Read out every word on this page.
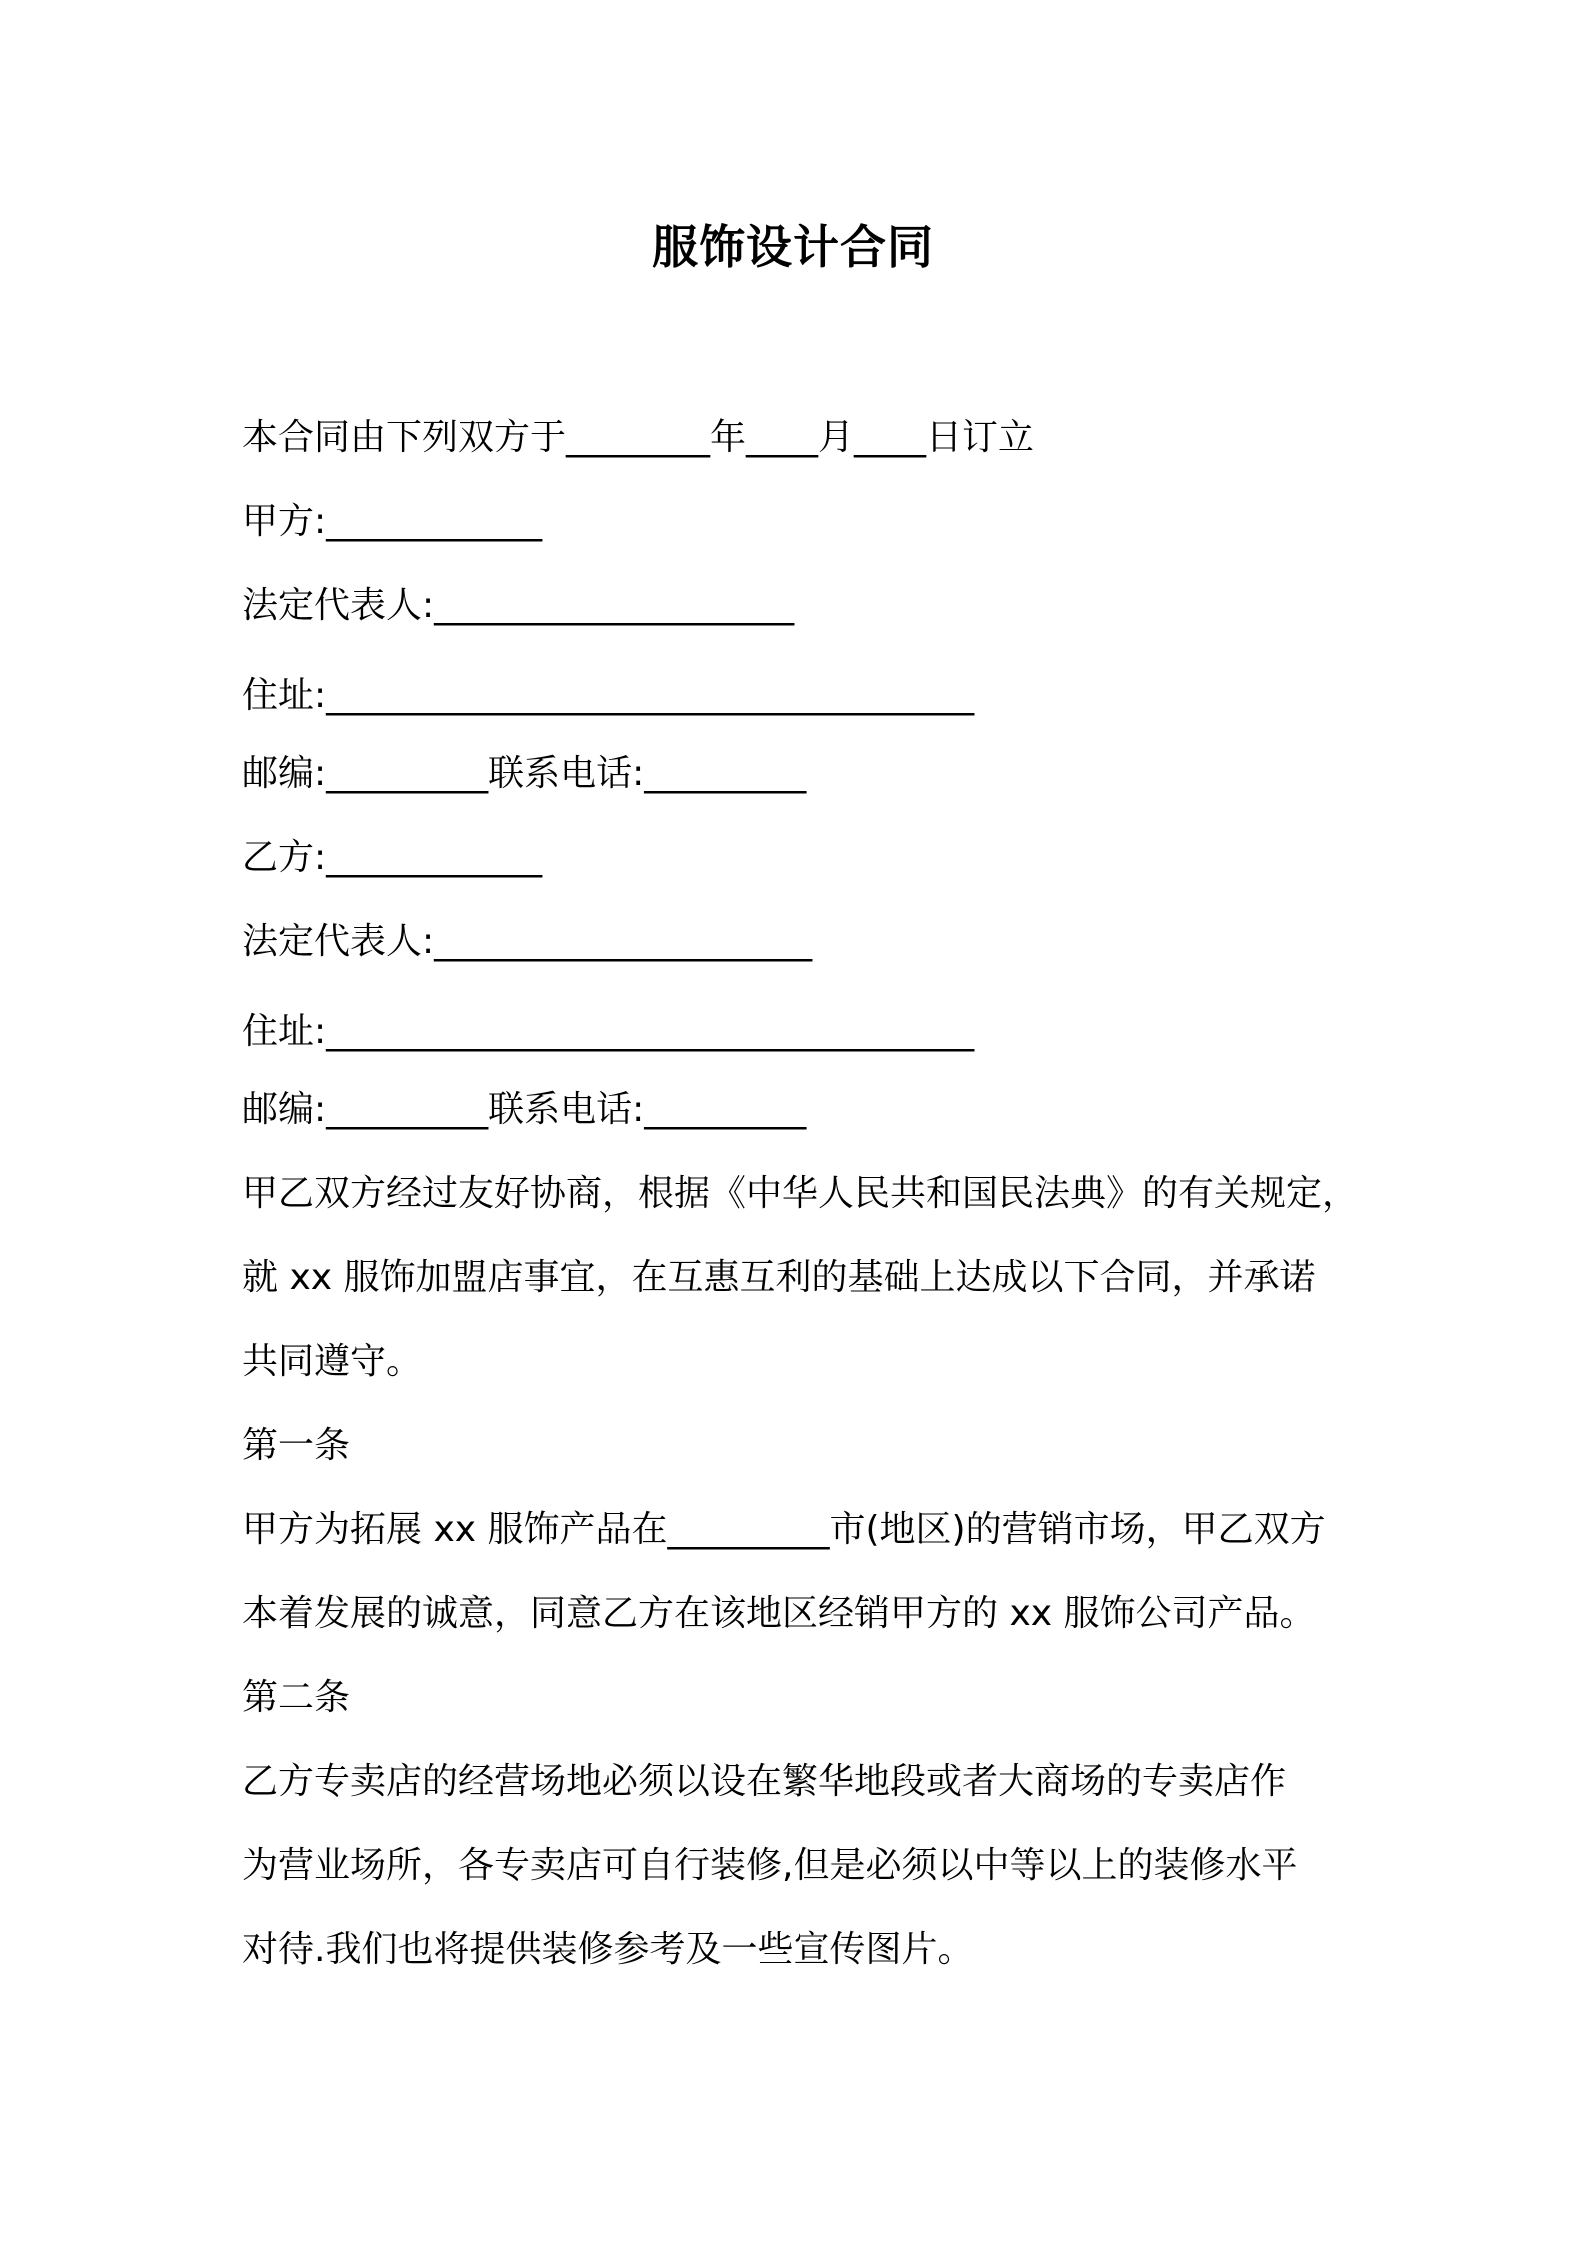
服饰设计合同
本合同由下列双方于________年____月____日订立
甲方:____________
法定代表人:____________________
住址:____________________________________
邮编:_________联系电话:_________
乙方:____________
法定代表人:_____________________
住址:____________________________________
邮编:_________联系电话:_________
甲乙双方经过友好协商，根据《中华人民共和国民法典》的有关规定，
就 xx 服饰加盟店事宜，在互惠互利的基础上达成以下合同，并承诺
共同遵守。
第一条
甲方为拓展 xx 服饰产品在_________市(地区)的营销市场，甲乙双方
本着发展的诚意，同意乙方在该地区经销甲方的 xx 服饰公司产品。
第二条
乙方专卖店的经营场地必须以设在繁华地段或者大商场的专卖店作
为营业场所，各专卖店可自行装修,但是必须以中等以上的装修水平
对待.我们也将提供装修参考及一些宣传图片。
